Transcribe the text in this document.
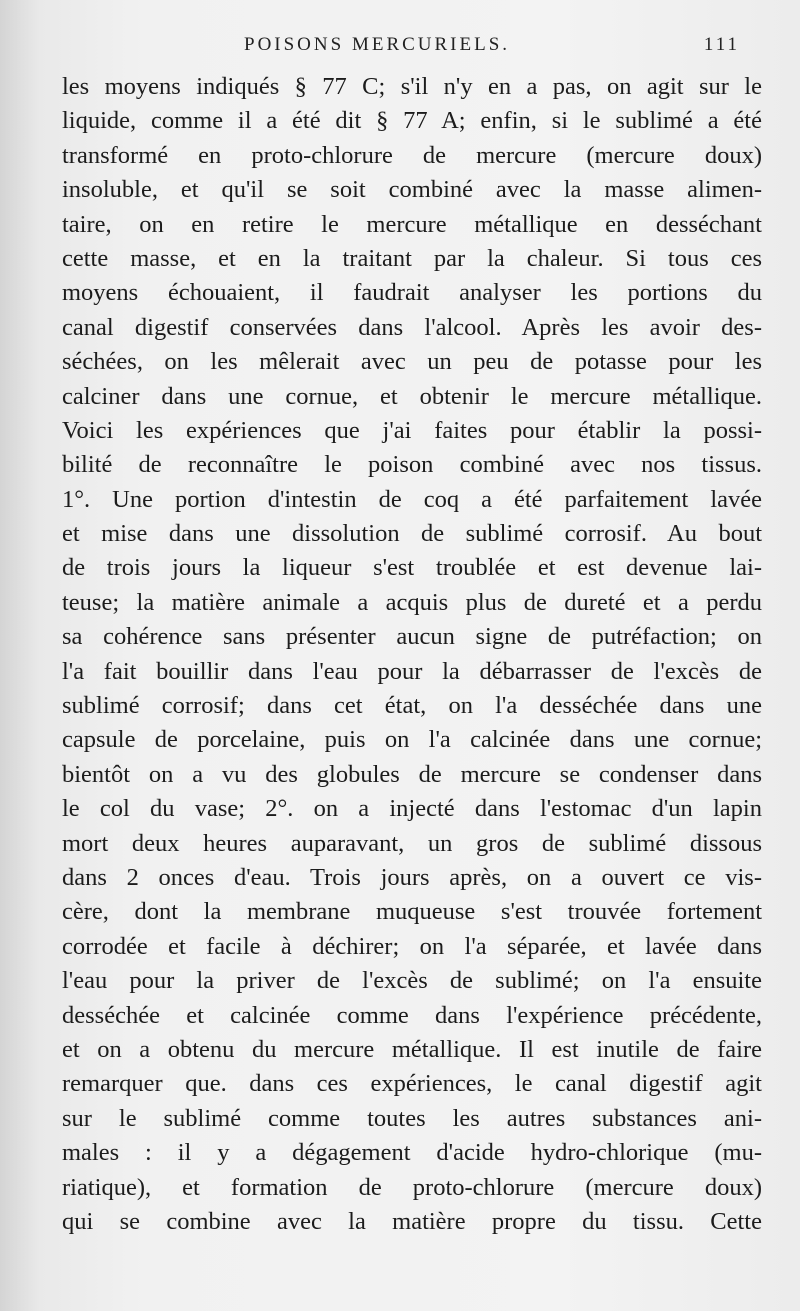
POISONS MERCURIELS.	111
les moyens indiqués § 77 C; s'il n'y en a pas, on agit sur le
liquide, comme il a été dit § 77 A; enfin, si le sublimé a été
transformé en proto-chlorure de mercure (mercure doux)
insoluble, et qu'il se soit combiné avec la masse alimen-
taire, on en retire le mercure métallique en desséchant
cette masse, et en la traitant par la chaleur. Si tous ces
moyens échouaient, il faudrait analyser les portions du
canal digestif conservées dans l'alcool. Après les avoir des-
séchées, on les mêlerait avec un peu de potasse pour les
calciner dans une cornue, et obtenir le mercure métallique.
Voici les expériences que j'ai faites pour établir la possi-
bilité de reconnaître le poison combiné avec nos tissus.
1°. Une portion d'intestin de coq a été parfaitement lavée
et mise dans une dissolution de sublimé corrosif. Au bout
de trois jours la liqueur s'est troublée et est devenue lai-
teuse; la matière animale a acquis plus de dureté et a perdu
sa cohérence sans présenter aucun signe de putréfaction; on
l'a fait bouillir dans l'eau pour la débarrasser de l'excès de
sublimé corrosif; dans cet état, on l'a desséchée dans une
capsule de porcelaine, puis on l'a calcinée dans une cornue;
bientôt on a vu des globules de mercure se condenser dans
le col du vase; 2°. on a injecté dans l'estomac d'un lapin
mort deux heures auparavant, un gros de sublimé dissous
dans 2 onces d'eau. Trois jours après, on a ouvert ce vis-
cère, dont la membrane muqueuse s'est trouvée fortement
corrodée et facile à déchirer; on l'a séparée, et lavée dans
l'eau pour la priver de l'excès de sublimé; on l'a ensuite
desséchée et calcinée comme dans l'expérience précédente,
et on a obtenu du mercure métallique. Il est inutile de faire
remarquer que. dans ces expériences, le canal digestif agit
sur le sublimé comme toutes les autres substances ani-
males : il y a dégagement d'acide hydro-chlorique (mu-
riatique), et formation de proto-chlorure (mercure doux)
qui se combine avec la matière propre du tissu. Cette
